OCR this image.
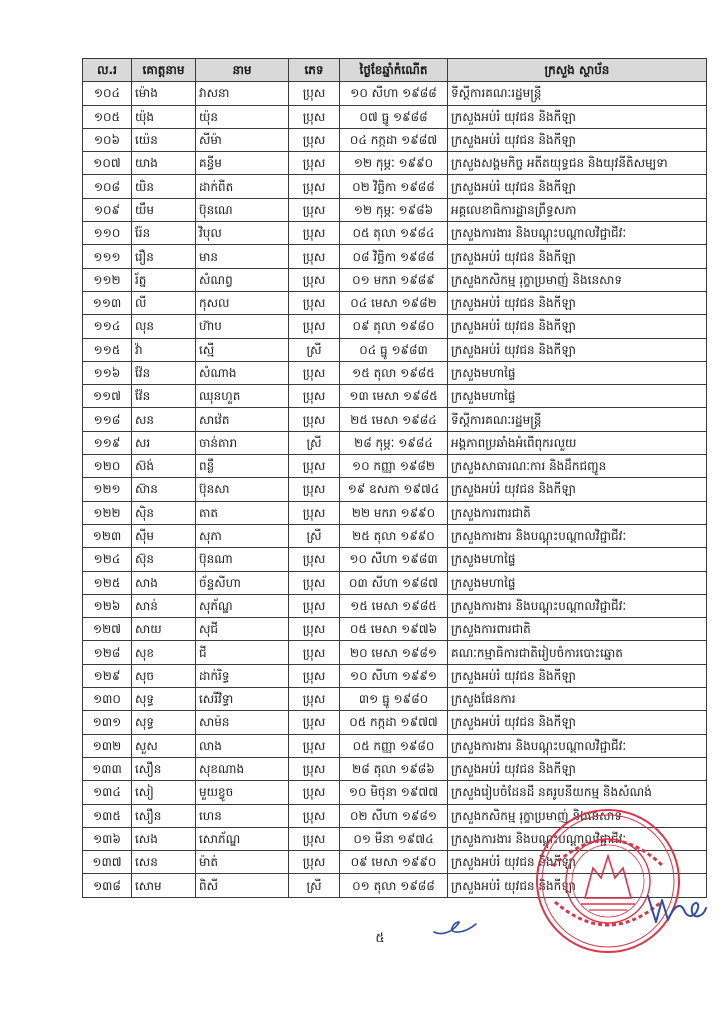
ល.រ	គោត្តនាម	នាម	ភេទ	ថ្ងៃខែឆ្នាំកំណើត	ក្រសួង ស្ថាប័ន
១០៤	ម៉ោង	វាសនា	ប្រុស	១០ សីហា ១៩៨៨	ទីស្តីការគណៈរដ្ឋមន្ត្រី
១០៥	យ៉ុង	យ៉ុន	ប្រុស	០៧ ធ្នូ ១៩៨៨	ក្រសួងអប់រំ យុវជន និងកីឡា
១០៦	យ៉េន	សីម៉ា	ប្រុស	០៤ កក្កដា ១៩៨៧	ក្រសួងអប់រំ យុវជន និងកីឡា
១០៧	យាង	គន្ធីម	ប្រុស	១២ កុម្ភៈ ១៩៩០	ក្រសួងសង្គមកិច្ច អតីតយុទ្ធជន និងយុវនីតិសម្បទា
១០៨	យិន	ដាក់ពីត	ប្រុស	០២ វិច្ឆិកា ១៩៨៨	ក្រសួងអប់រំ យុវជន និងកីឡា
១០៩	យឹម	ប៊ុនណេ	ប្រុស	១២ កុម្ភៈ ១៩៨៦	អគ្គលេខាធិការដ្ឋានព្រឹទ្ធសភា
១១០	រ៉ែន	វិបុល	ប្រុស	០៥ តុលា ១៩៨៤	ក្រសួងការងារ និងបណ្តុះបណ្តាលវិជ្ជាជីវៈ
១១១	រឿន	មាន	ប្រុស	០៨ វិច្ឆិកា ១៩៨៨	ក្រសួងអប់រំ យុវជន និងកីឡា
១១២	រ័ត្ន	សំណព្វ	ប្រុស	០១ មករា ១៩៨៩	ក្រសួងកសិកម្ម រុក្ខាប្រមាញ់ និងនេសាទ
១១៣	លី	កុសល	ប្រុស	០៤ មេសា ១៩៨២	ក្រសួងអប់រំ យុវជន និងកីឡា
១១៤	លុន	ហ៊ាប	ប្រុស	០៩ តុលា ១៩៨០	ក្រសួងអប់រំ យុវជន និងកីឡា
១១៥	វ៉ា	ស្មើ	ស្រី	០៤ ធ្នូ ១៩៨៣	ក្រសួងអប់រំ យុវជន និងកីឡា
១១៦	វ៉ែន	សំណាង	ប្រុស	១៥ តុលា ១៩៨៥	ក្រសួងមហាផ្ទៃ
១១៧	វ៉ែន	ឈុនហួត	ប្រុស	១៣ មេសា ១៩៨៥	ក្រសួងមហាផ្ទៃ
១១៨	សន	សាវ៉េត	ប្រុស	២៥ មេសា ១៩៨៤	ទីស្តីការគណៈរដ្ឋមន្ត្រី
១១៩	សរ	ចាន់តារា	ស្រី	២៨ កុម្ភៈ ១៩៨៤	អង្គភាពប្រឆាំងអំពើពុករលួយ
១២០	ស៊ង់	ពន្លឺ	ប្រុស	១០ កញ្ញា ១៩៨២	ក្រសួងសាធារណៈការ និងដឹកជញ្ជូន
១២១	ស៊ាន	ប៊ុនសា	ប្រុស	១៩ ឧសភា ១៩៧៤	ក្រសួងអប់រំ យុវជន និងកីឡា
១២២	ស៊ិន	តាត	ប្រុស	២២ មករា ១៩៩០	ក្រសួងការពារជាតិ
១២៣	ស៊ីម	សុភា	ស្រី	២៥ តុលា ១៩៩០	ក្រសួងការងារ និងបណ្តុះបណ្តាលវិជ្ជាជីវៈ
១២៤	ស៊ុន	ប៊ុនណា	ប្រុស	១០ សីហា ១៩៨៣	ក្រសួងមហាផ្ទៃ
១២៥	សាង	ច័ន្ទសីហា	ប្រុស	០៣ សីហា ១៩៨៧	ក្រសួងមហាផ្ទៃ
១២៦	សាន់	សុភ័ណ្ឌ	ប្រុស	១៥ មេសា ១៩៨៥	ក្រសួងការងារ និងបណ្តុះបណ្តាលវិជ្ជាជីវៈ
១២៧	សាយ	សុជី	ប្រុស	០៥ មេសា ១៩៧៦	ក្រសួងការពារជាតិ
១២៨	សុខ	ជី	ប្រុស	២០ មេសា ១៩៨១	គណៈកម្មាធិការជាតិរៀបចំការបោះឆ្នោត
១២៩	សុច	ដាក់រិទ្ធ	ប្រុស	១០ សីហា ១៩៩១	ក្រសួងអប់រំ យុវជន និងកីឡា
១៣០	សុទ្ធ	សេរីវិទ្ធា	ប្រុស	៣១ ធ្នូ ១៩៨០	ក្រសួងផែនការ
១៣១	សុទ្ធ	សាម៉ន	ប្រុស	០៥ កក្កដា ១៩៧៧	ក្រសួងអប់រំ យុវជន និងកីឡា
១៣២	សួស	លាង	ប្រុស	០៥ កញ្ញា ១៩៨០	ក្រសួងការងារ និងបណ្តុះបណ្តាលវិជ្ជាជីវៈ
១៣៣	សឿន	សុខណាង	ប្រុស	២៨ តុលា ១៩៨៦	ក្រសួងអប់រំ យុវជន និងកីឡា
១៣៤	សៀ	មួយខ្វូច	ប្រុស	១០ មិថុនា ១៩៧៧	ក្រសួងរៀបចំដែនដី នគរូបនីយកម្ម និងសំណង់
១៣៥	សឿន	ហេន	ប្រុស	០២ សីហា ១៩៨១	ក្រសួងកសិកម្ម រុក្ខាប្រមាញ់ និងនេសាទ
១៣៦	សេង	សោភ័ណ្ឌ	ប្រុស	០១ មីនា ១៩៧៤	ក្រសួងការងារ និងបណ្តុះបណ្តាលវិជ្ជាជីវៈ
១៣៧	សេន	ម៉ាត់	ប្រុស	០៩ មេសា ១៩៩០	ក្រសួងអប់រំ យុវជន និងកីឡា
១៣៨	សោម	ពិសី	ស្រី	០១ តុលា ១៩៨៨	ក្រសួងអប់រំ យុវជន និងកីឡា
៥
